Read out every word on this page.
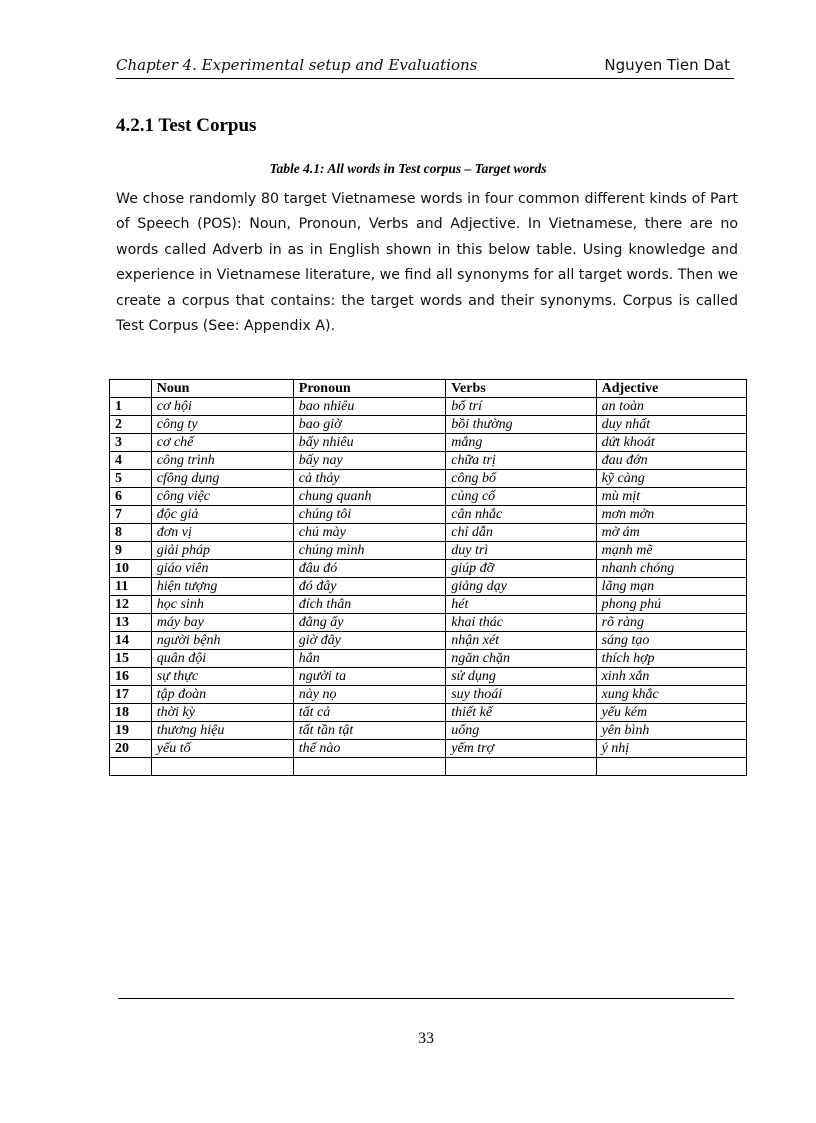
Chapter 4. Experimental setup and Evaluations	Nguyen Tien Dat
4.2.1 Test Corpus
Table 4.1: All words in Test corpus – Target words

We chose randomly 80 target Vietnamese words in four common different kinds of Part of Speech (POS): Noun, Pronoun, Verbs and Adjective. In Vietnamese, there are no words called Adverb in as in English shown in this below table. Using knowledge and experience in Vietnamese literature, we find all synonyms for all target words. Then we create a corpus that contains: the target words and their synonyms. Corpus is called Test Corpus (See: Appendix A).

	Noun	Pronoun	Verbs	Adjective
1	cơ hội	bao nhiêu	bố trí	an toàn
2	công ty	bao giờ	bồi thường	duy nhất
3	cơ chế	bấy nhiêu	mắng	dứt khoát
4	công trình	bấy nay	chữa trị	đau đớn
5	cfông dụng	cả thảy	công bố	kỹ càng
6	công việc	chung quanh	củng cố	mù mịt
7	độc giả	chúng tôi	cân nhắc	mơn mởn
8	đơn vị	chú mày	chỉ dẫn	mờ ám
9	giải pháp	chúng mình	duy trì	mạnh mẽ
10	giáo viên	đâu đó	giúp đỡ	nhanh chóng
11	hiện tượng	đó đây	giảng dạy	lãng mạn
12	học sinh	đích thân	hét	phong phú
13	máy bay	đằng ấy	khai thác	rõ ràng
14	người bệnh	giờ đây	nhận xét	sáng tạo
15	quân đội	hắn	ngăn chặn	thích hợp
16	sự thực	người ta	sử dụng	xinh xắn
17	tập đoàn	này nọ	suy thoái	xung khắc
18	thời kỳ	tất cả	thiết kế	yếu kém
19	thương hiệu	tất tần tật	uống	yên bình
20	yếu tố	thế nào	yểm trợ	ý nhị

33
